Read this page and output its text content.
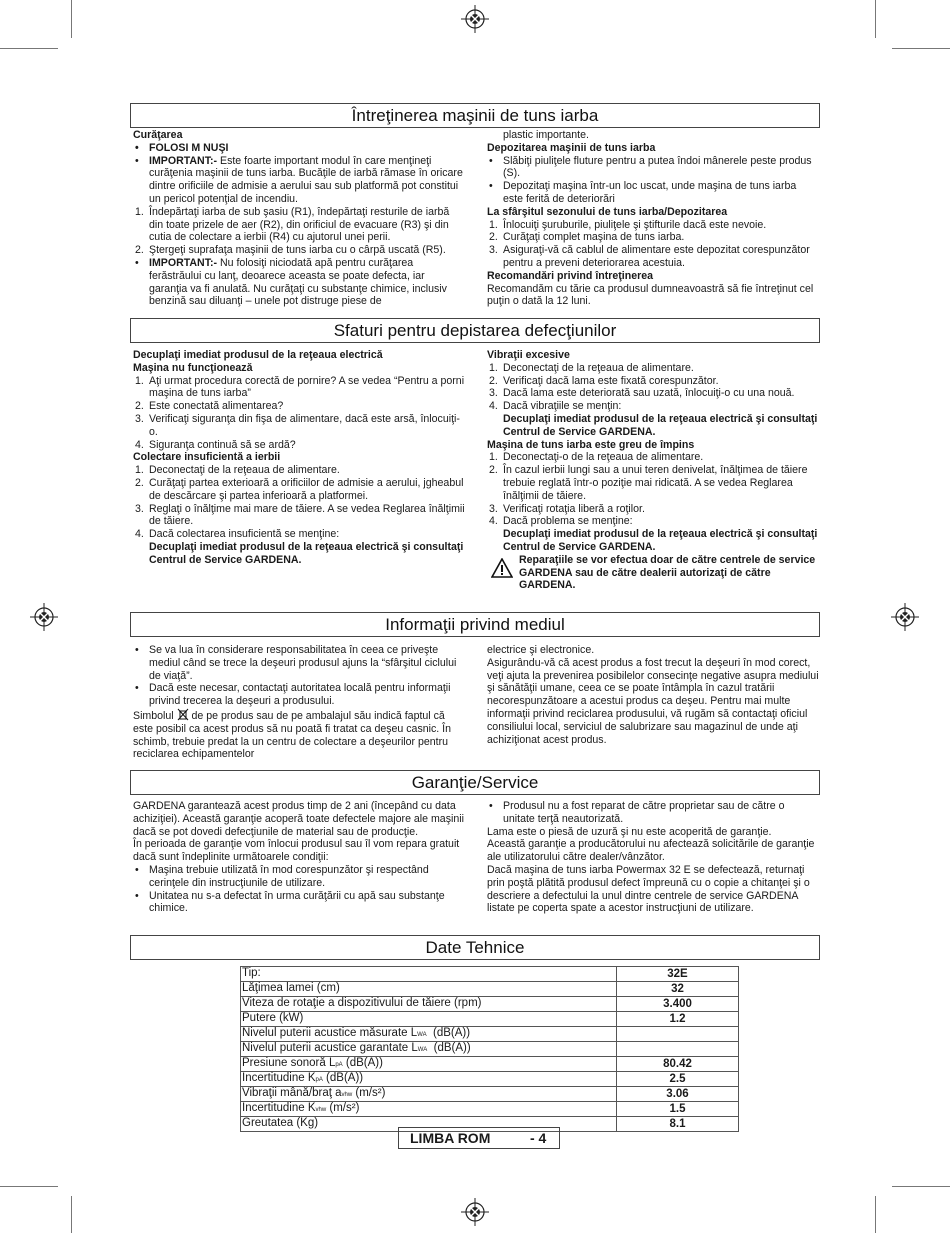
Întreţinerea maşinii de tuns iarba

Curăţarea

• FOLOSI M NUŞI
• IMPORTANT:- Este foarte important modul în care menţineţi curăţenia maşinii de tuns iarba. Bucăţile de iarbă rămase în oricare dintre orificiile de admisie a aerului sau sub platformă pot constitui un pericol potenţial de incendiu.
1. Îndepărtaţi iarba de sub şasiu (R1), îndepărtaţi resturile de iarbă din toate prizele de aer (R2), din orificiul de evacuare (R3) şi din cutia de colectare a ierbii (R4) cu ajutorul unei perii.
2. Ştergeţi suprafaţa maşinii de tuns iarba cu o cârpă uscată (R5).
• IMPORTANT:- Nu folosiţi niciodată apă pentru curăţarea ferăstrăului cu lanţ, deoarece aceasta se poate defecta, iar garanţia va fi anulată. Nu curăţaţi cu substanţe chimice, inclusiv benzină sau diluanţi – unele pot distruge piese de

plastic importante.

Depozitarea maşinii de tuns iarba

• Slăbiţi piuliţele fluture pentru a putea îndoi mânerele peste produs (S).
• Depozitaţi maşina într-un loc uscat, unde maşina de tuns iarba este ferită de deteriorări

La sfârşitul sezonului de tuns iarba/Depozitarea

1. Înlocuiţi şuruburile, piuliţele şi ştifturile dacă este nevoie.
2. Curăţaţi complet maşina de tuns iarba.
3. Asiguraţi-vă că cablul de alimentare este depozitat corespunzător pentru a preveni deteriorarea acestuia.

Recomandări privind întreţinerea

Recomandăm cu tărie ca produsul dumneavoastră să fie întreţinut cel puţin o dată la 12 luni.

Sfaturi pentru depistarea defecţiunilor

Decuplaţi imediat produsul de la reţeaua electrică

Maşina nu funcţionează

1. Aţi urmat procedura corectă de pornire? A se vedea “Pentru a porni maşina de tuns iarba”
2. Este conectată alimentarea?
3. Verificaţi siguranţa din fişa de alimentare, dacă este arsă, înlocuiţi-o.
4. Siguranţa continuă să se ardă?

Colectare insuficientă a ierbii

1. Deconectaţi de la reţeaua de alimentare.
2. Curăţaţi partea exterioară a orificiilor de admisie a aerului, jgheabul de descărcare şi partea inferioară a platformei.
3. Reglaţi o înălţime mai mare de tăiere. A se vedea Reglarea înălţimii de tăiere.
4. Dacă colectarea insuficientă se menţine:

Decuplaţi imediat produsul de la reţeaua electrică şi consultaţi Centrul de Service GARDENA.

Vibraţii excesive

1. Deconectaţi de la reţeaua de alimentare.
2. Verificaţi dacă lama este fixată corespunzător.
3. Dacă lama este deteriorată sau uzată, înlocuiţi-o cu una nouă.
4. Dacă vibraţiile se menţin:

Decuplaţi imediat produsul de la reţeaua electrică şi consultaţi Centrul de Service GARDENA.

Maşina de tuns iarba este greu de împins

1. Deconectaţi-o de la reţeaua de alimentare.
2. În cazul ierbii lungi sau a unui teren denivelat, înălţimea de tăiere trebuie reglată într-o poziţie mai ridicată. A se vedea Reglarea înălţimii de tăiere.
3. Verificaţi rotaţia liberă a roţilor.
4. Dacă problema se menţine:

Decuplaţi imediat produsul de la reţeaua electrică şi consultaţi Centrul de Service GARDENA.

Reparaţiile se vor efectua doar de către centrele de service GARDENA sau de către dealerii autorizaţi de către GARDENA.
Informaţii privind mediul
• Se va lua în considerare responsabilitatea în ceea ce priveşte mediul când se trece la deşeuri produsul ajuns la “sfârşitul ciclului de viaţă”.
• Dacă este necesar, contactaţi autoritatea locală pentru informaţii privind trecerea la deşeuri a produsului.

Simbolul  de pe produs sau de pe ambalajul său indică faptul că este posibil ca acest produs să nu poată fi tratat ca deşeu casnic. În schimb, trebuie predat la un centru de colectare a deşeurilor pentru reciclarea echipamentelor

electrice şi electronice.

Asigurându-vă că acest produs a fost trecut la deşeuri în mod corect, veţi ajuta la prevenirea posibilelor consecinţe negative asupra mediului şi sănătăţii umane, ceea ce se poate întâmpla în cazul tratării necorespunzătoare a acestui produs ca deşeu. Pentru mai multe informaţii privind reciclarea produsului, vă rugăm să contactaţi oficiul consiliului local, serviciul de salubrizare sau magazinul de unde aţi achiziţionat acest produs.

Garanţie/Service

GARDENA garantează acest produs timp de 2 ani (începând cu data achiziţiei). Această garanţie acoperă toate defectele majore ale maşinii dacă se pot dovedi defecţiunile de material sau de producţie.

În perioada de garanţie vom înlocui produsul sau îl vom repara gratuit dacă sunt îndeplinite următoarele condiţii:

• Maşina trebuie utilizată în mod corespunzător şi respectând cerinţele din instrucţiunile de utilizare.
• Unitatea nu s-a defectat în urma curăţării cu apă sau substanţe chimice.
• Produsul nu a fost reparat de către proprietar sau de către o unitate terţă neautorizată.

Lama este o piesă de uzură şi nu este acoperită de garanţie.

Această garanţie a producătorului nu afectează solicitările de garanţie ale utilizatorului către dealer/vânzător.

Dacă maşina de tuns iarba Powermax 32 E se defectează, returnaţi prin poştă plătită produsul defect împreună cu o copie a chitanţei şi o descriere a defectului la unul dintre centrele de service GARDENA listate pe coperta spate a acestor instrucţiuni de utilizare.

Date Tehnice
Tip:	32E
Lăţimea lamei (cm)	32
Viteza de rotaţie a dispozitivului de tăiere (rpm)	3.400
Putere (kW)	1.2
Nivelul puterii acustice măsurate LWA  (dB(A))	
Nivelul puterii acustice garantate LWA  (dB(A))	
Presiune sonoră LpA (dB(A))	80.42
Incertitudine KpA (dB(A))	2.5
Vibraţii mână/braţ avhw (m/s²)	3.06
Incertitudine Kvhw (m/s²)	1.5
Greutatea (Kg)	8.1
LIMBA ROM	- 4
